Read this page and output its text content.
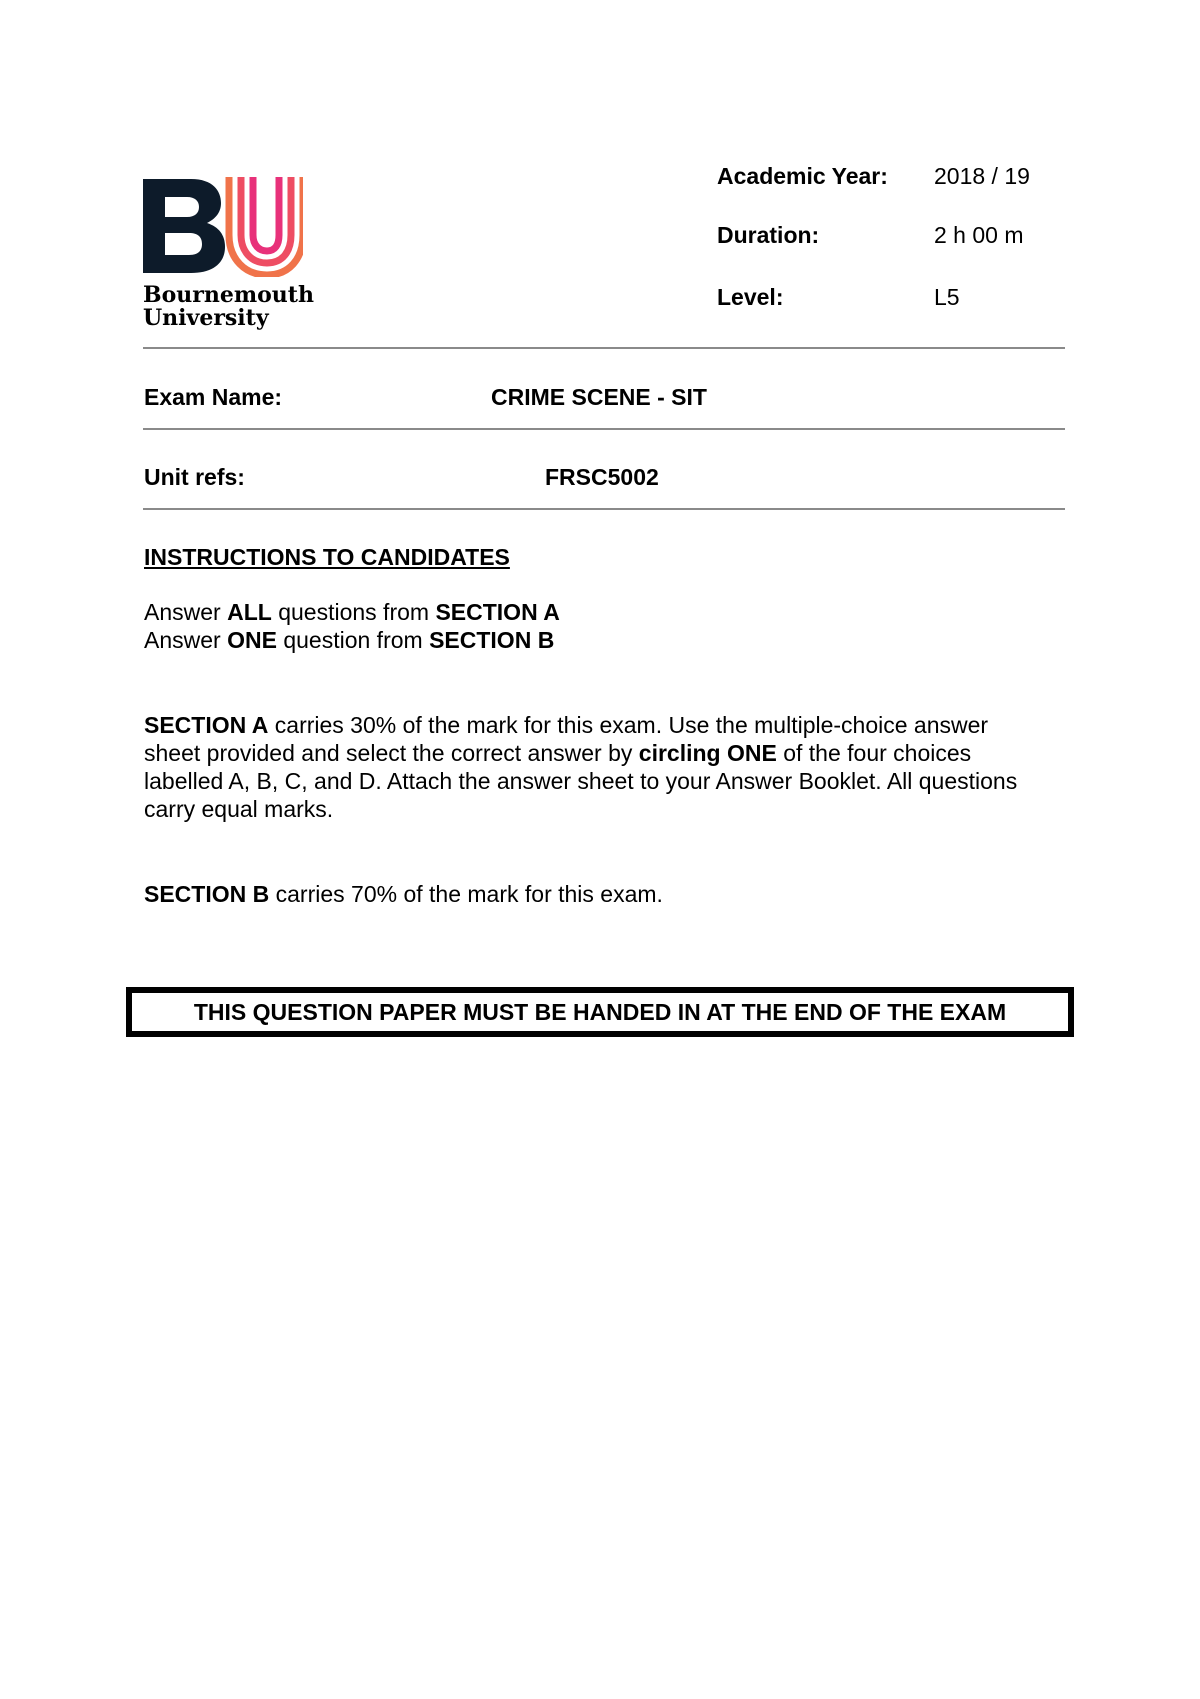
Bournemouth
University
Academic Year: 2018 / 19
Duration:	2 h 00 m
Level:	L5
Exam Name:	CRIME SCENE - SIT
Unit refs:	FRSC5002
INSTRUCTIONS TO CANDIDATES
Answer ALL questions from SECTION A
Answer ONE question from SECTION B
SECTION A carries 30% of the mark for this exam. Use the multiple-choice answer
sheet provided and select the correct answer by circling ONE of the four choices
labelled A, B, C, and D. Attach the answer sheet to your Answer Booklet. All questions
carry equal marks.
SECTION B carries 70% of the mark for this exam.
THIS QUESTION PAPER MUST BE HANDED IN AT THE END OF THE EXAM
